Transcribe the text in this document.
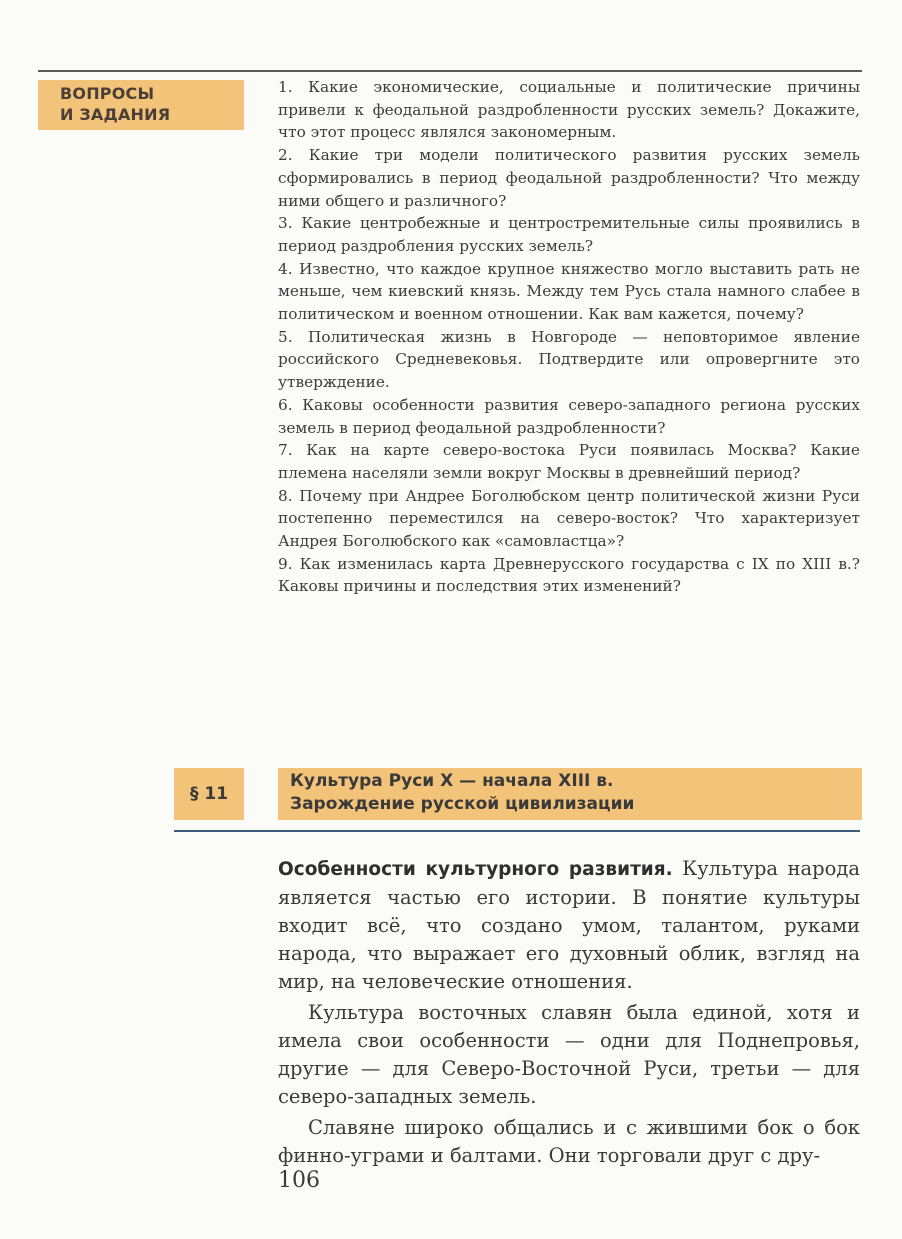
ВОПРОСЫ
И ЗАДАНИЯ

1. Какие экономические, социальные и политические причины привели к феодальной раздробленности русских земель? Докажите, что этот процесс являлся закономерным.

2. Какие три модели политического развития русских земель сформировались в период феодальной раздробленности? Что между ними общего и различного?

3. Какие центробежные и центростремительные силы проявились в период раздробления русских земель?

4. Известно, что каждое крупное княжество могло выставить рать не меньше, чем киевский князь. Между тем Русь стала намного слабее в политическом и военном отношении. Как вам кажется, почему?

5. Политическая жизнь в Новгороде — неповторимое явление российского Средневековья. Подтвердите или опровергните это утверждение.

6. Каковы особенности развития северо-западного региона русских земель в период феодальной раздробленности?

7. Как на карте северо-востока Руси появилась Москва? Какие племена населяли земли вокруг Москвы в древнейший период?

8. Почему при Андрее Боголюбском центр политической жизни Руси постепенно переместился на северо-восток? Что характеризует Андрея Боголюбского как «самовластца»?

9. Как изменилась карта Древнерусского государства с IX по XIII в.? Каковы причины и последствия этих изменений?

§ 11
Культура Руси X — начала XIII в.
Зарождение русской цивилизации

Особенности культурного развития. Культура народа является частью его истории. В понятие культуры входит всё, что создано умом, талантом, руками народа, что выражает его духовный облик, взгляд на мир, на человеческие отношения.

Культура восточных славян была единой, хотя и имела свои особенности — одни для Поднепровья, другие — для Северо-Восточной Руси, третьи — для северо-западных земель.

Славяне широко общались и с жившими бок о бок финно-уграми и балтами. Они торговали друг с дру-

106
